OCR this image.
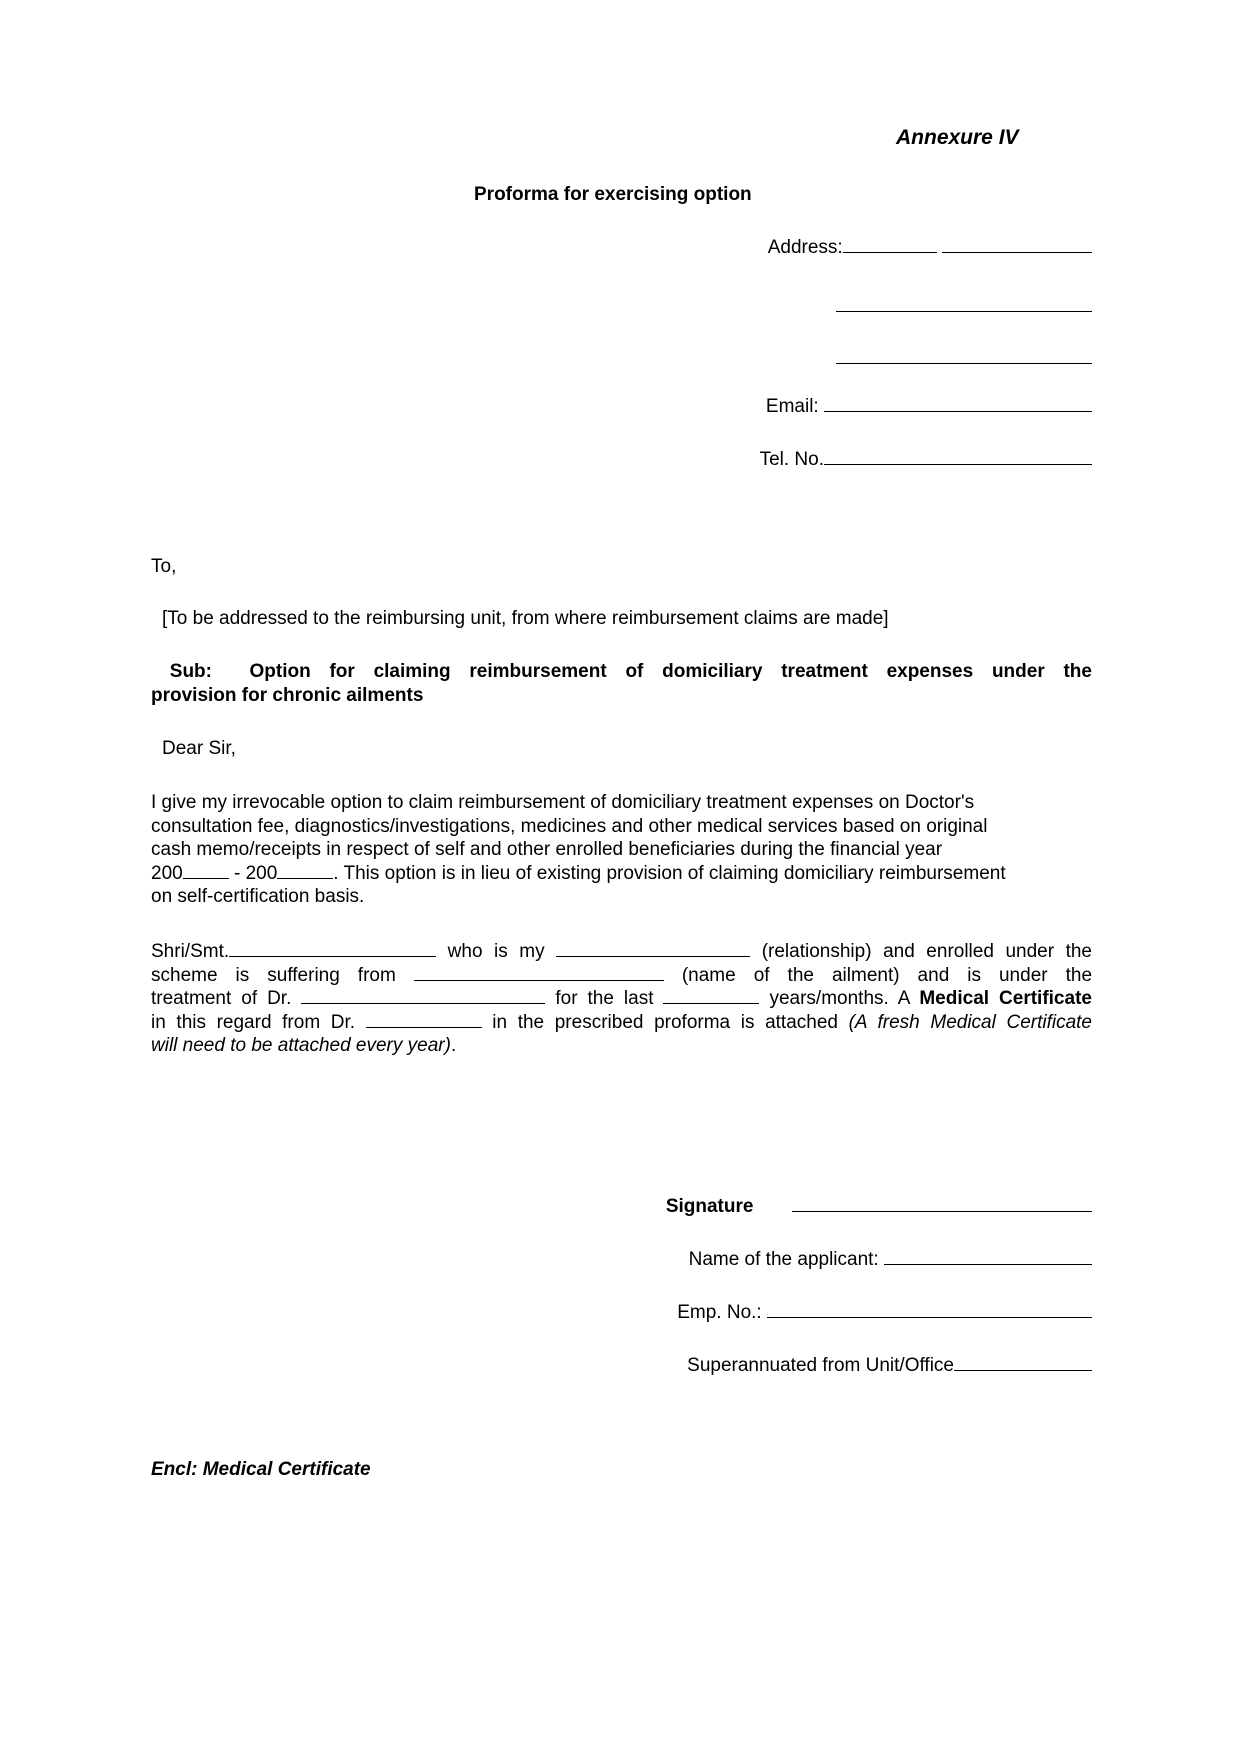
Annexure IV
Proforma for exercising option
Address:
Email:
Tel. No.
To,
[To be addressed to the reimbursing unit, from where reimbursement claims are made]
Sub:  Option for claiming reimbursement of domiciliary treatment expenses under the
provision for chronic ailments
Dear Sir,
I give my irrevocable option to claim reimbursement of domiciliary treatment expenses on Doctor's
consultation fee, diagnostics/investigations, medicines and other medical services based on original
cash memo/receipts in respect of self and other enrolled beneficiaries during the financial year
200 - 200	. This option is in lieu of existing provision of claiming domiciliary reimbursement
on self-certification basis.
Shri/Smt.	who is my	(relationship) and enrolled under the
scheme is suffering from	(name of the ailment) and is under the
treatment of Dr.	for the last	years/months. A Medical Certificate
in this regard from Dr.	in the prescribed proforma is attached (A fresh Medical Certificate
will need to be attached every year).
Signature
Name of the applicant:
Emp. No.:
Superannuated from Unit/Office
Encl: Medical Certificate
